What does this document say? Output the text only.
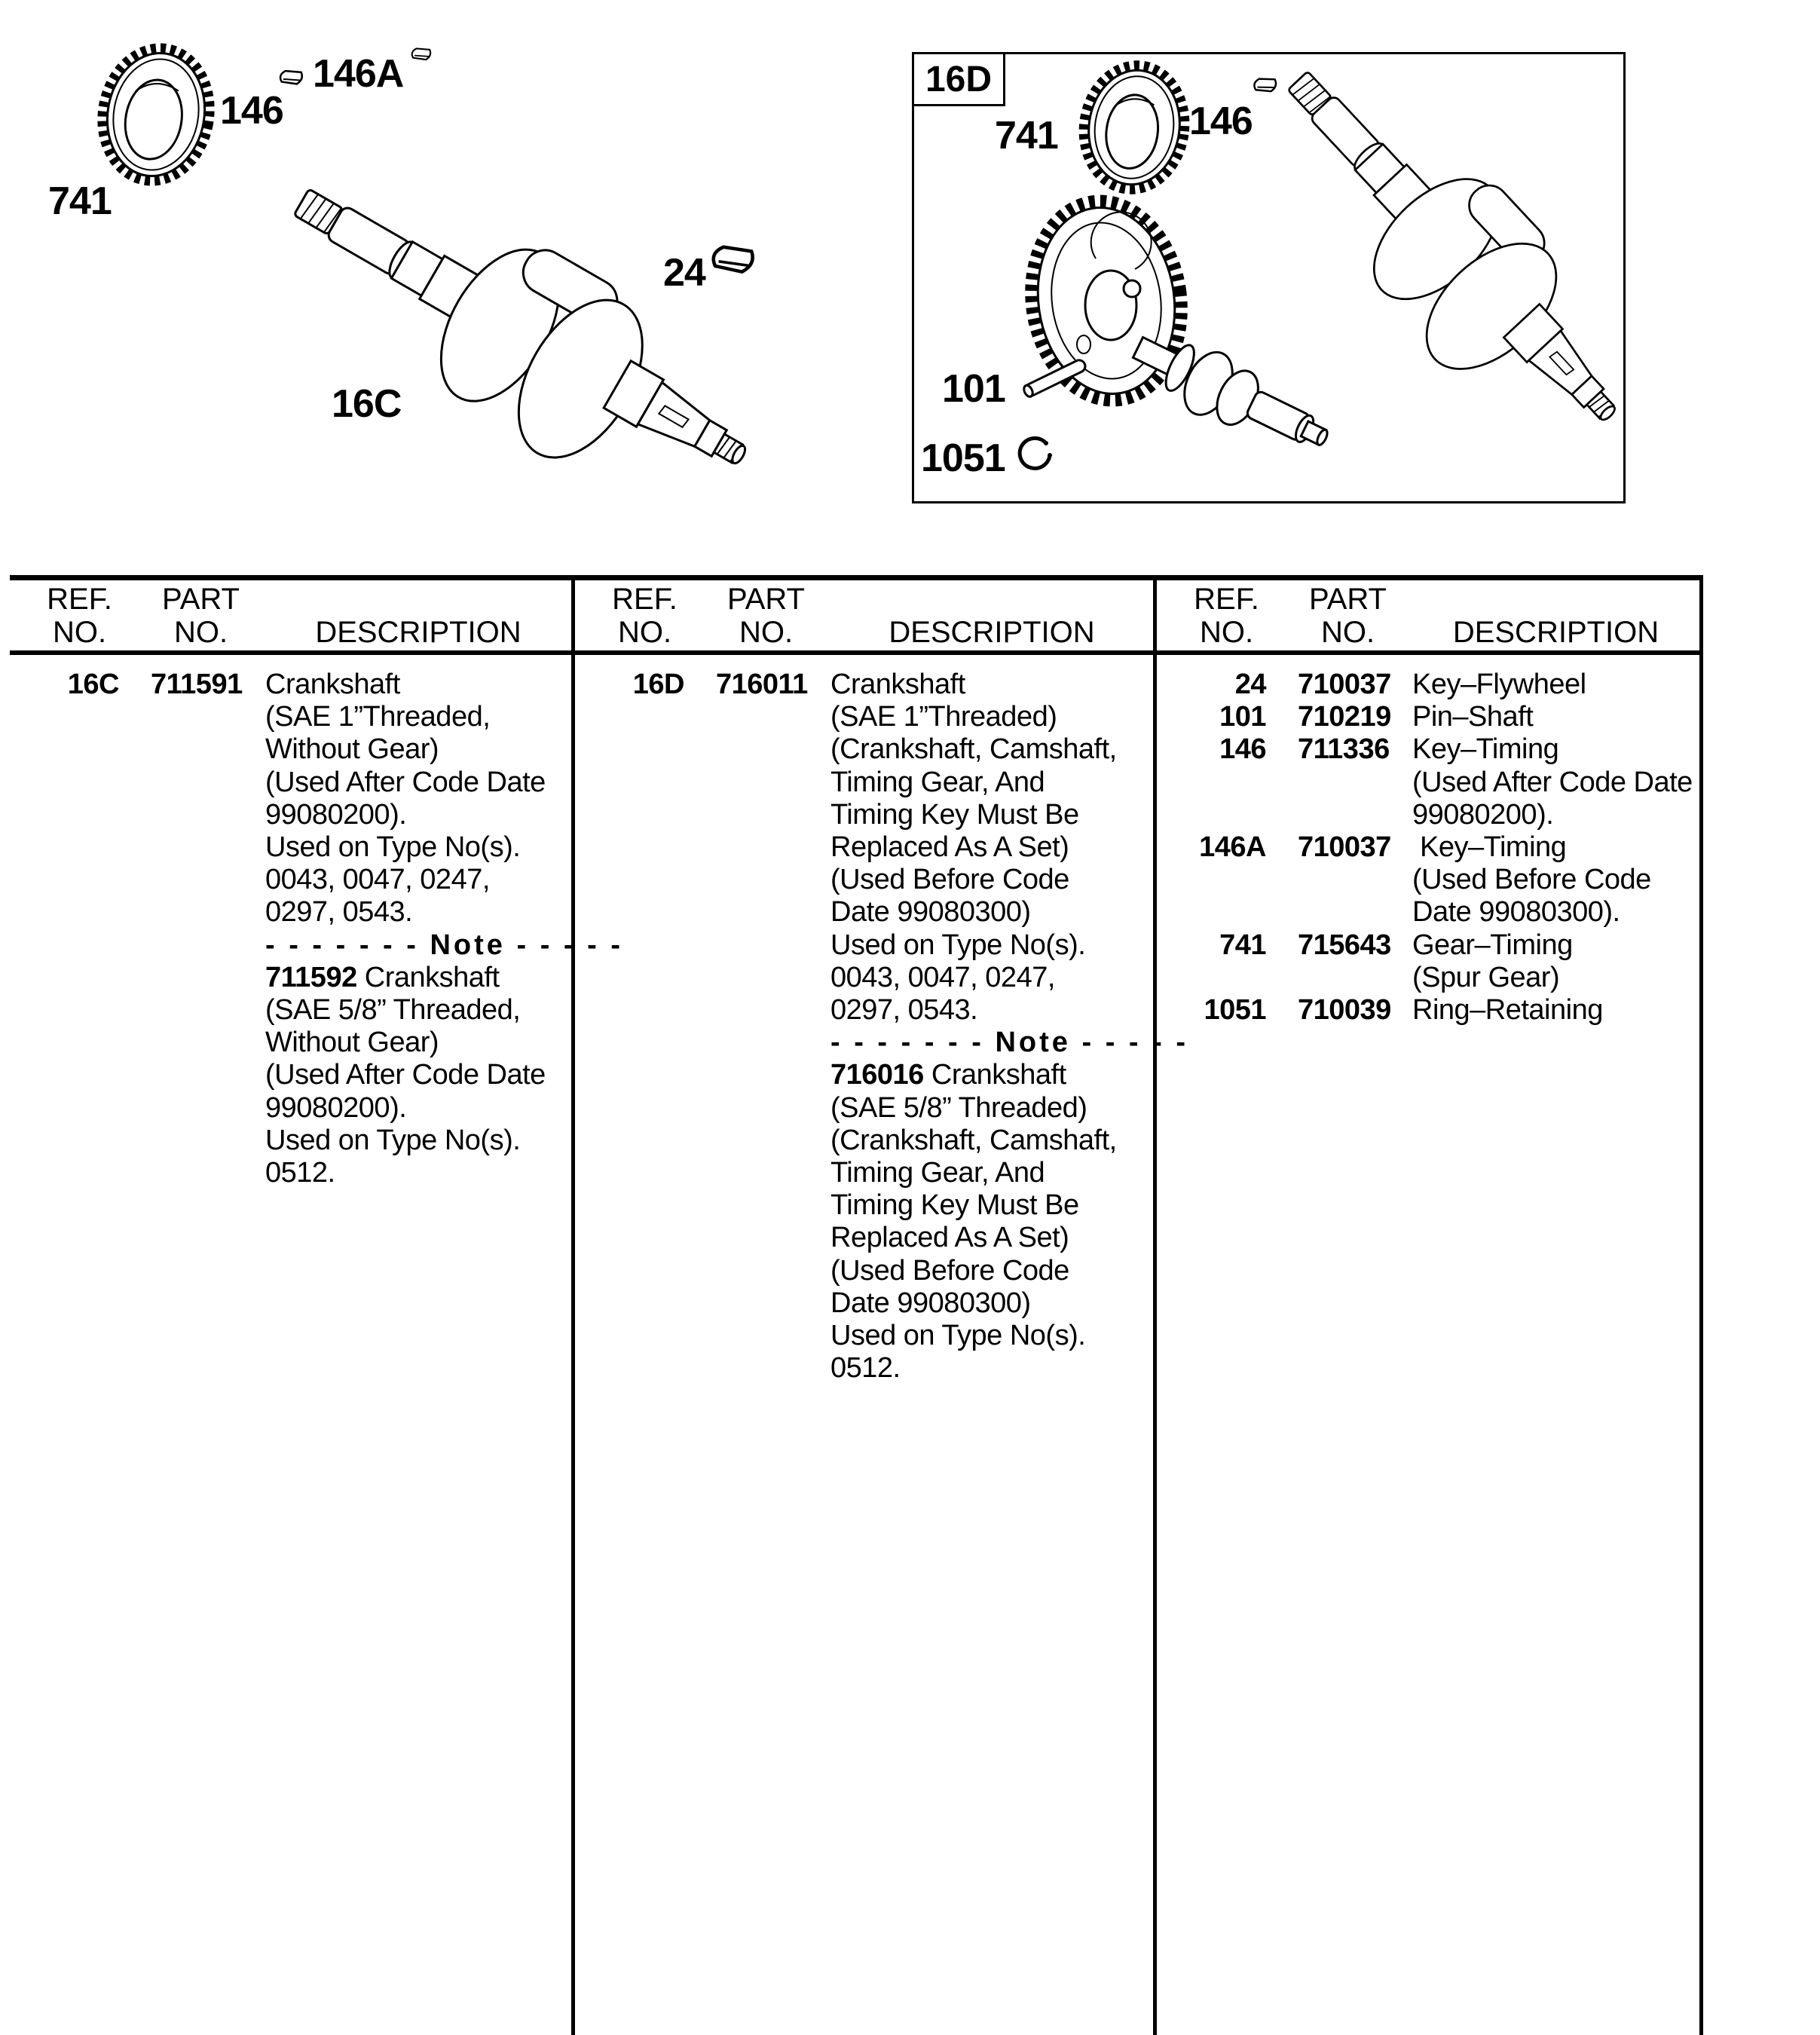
741
146
146A
24
16C
16D
741	146
101
1051
REF.	PART
NO.	NO.	DESCRIPTION
16C 711591 Crankshaft
(SAE 1”Threaded,
Without Gear)
(Used After Code Date
99080200).
Used on Type No(s).
0043, 0047, 0247,
0297, 0543.
- - - - - - - Note - - - - -
711592 Crankshaft
(SAE 5/8” Threaded,
Without Gear)
(Used After Code Date
99080200).
Used on Type No(s).
0512.
REF.	PART
NO.	NO.	DESCRIPTION
16D 716011 Crankshaft
(SAE 1”Threaded)
(Crankshaft, Camshaft,
Timing Gear, And
Timing Key Must Be
Replaced As A Set)
(Used Before Code
Date 99080300)
Used on Type No(s).
0043, 0047, 0247,
0297, 0543.
- - - - - - - Note - - - - -
716016 Crankshaft
(SAE 5/8” Threaded)
(Crankshaft, Camshaft,
Timing Gear, And
Timing Key Must Be
Replaced As A Set)
(Used Before Code
Date 99080300)
Used on Type No(s).
0512.
REF.	PART
NO.	NO.	DESCRIPTION
24 710037 Key–Flywheel
101 710219 Pin–Shaft
146 711336 Key–Timing
(Used After Code Date
99080200).
146A 710037 Key–Timing
(Used Before Code
Date 99080300).
741 715643 Gear–Timing
(Spur Gear)
1051 710039 Ring–Retaining
